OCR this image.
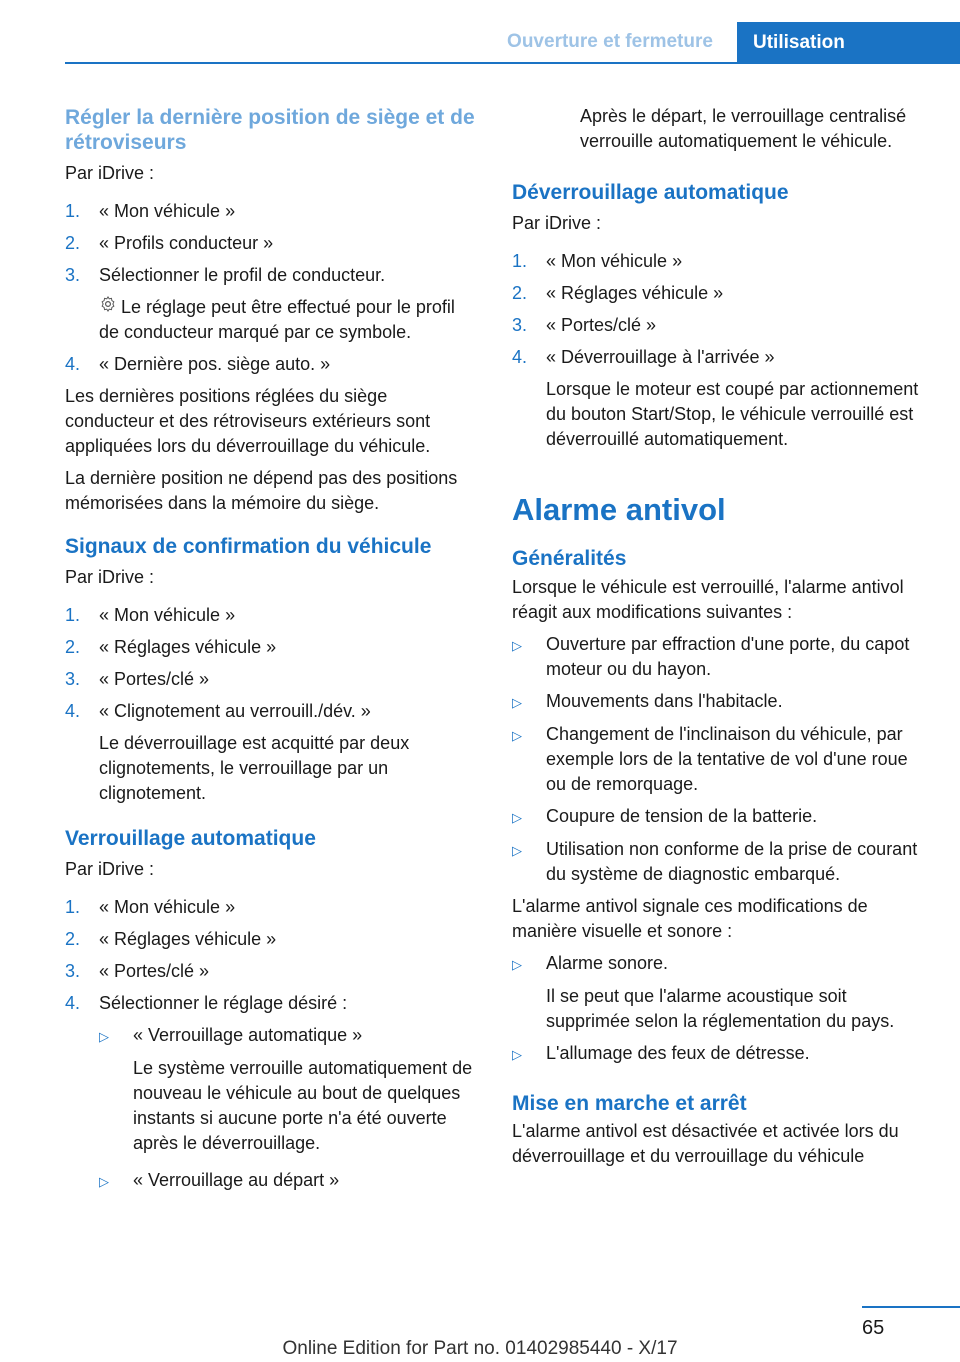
Ouverture et fermeture	Utilisation
Régler la dernière position de siège et de rétroviseurs

Par iDrive :

1.	« Mon véhicule »
2.	« Profils conducteur »
3.	Sélectionner le profil de conducteur.
Le réglage peut être effectué pour le profil de conducteur marqué par ce symbole.
4.	« Dernière pos. siège auto. »

Les dernières positions réglées du siège conducteur et des rétroviseurs extérieurs sont appliquées lors du déverrouillage du véhicule.

La dernière position ne dépend pas des positions mémorisées dans la mémoire du siège.

Signaux de confirmation du véhicule

Par iDrive :

1.	« Mon véhicule »
2.	« Réglages véhicule »
3.	« Portes/clé »
4.	« Clignotement au verrouill./dév. »
Le déverrouillage est acquitté par deux clignotements, le verrouillage par un clignotement.
Verrouillage automatique

Par iDrive :

1.	« Mon véhicule »
2.	« Réglages véhicule »
3.	« Portes/clé »
4.	Sélectionner le réglage désiré :
▷	« Verrouillage automatique »
Le système verrouille automatiquement de nouveau le véhicule au bout de quelques instants si aucune porte n'a été ouverte après le déverrouillage.
▷	« Verrouillage au départ »
Après le départ, le verrouillage centralisé verrouille automatiquement le véhicule.
Déverrouillage automatique

Par iDrive :

1.	« Mon véhicule »
2.	« Réglages véhicule »
3.	« Portes/clé »
4.	« Déverrouillage à l'arrivée »
Lorsque le moteur est coupé par actionnement du bouton Start/Stop, le véhicule verrouillé est déverrouillé automatiquement.
Alarme antivol
Généralités

Lorsque le véhicule est verrouillé, l'alarme antivol réagit aux modifications suivantes :

▷	Ouverture par effraction d'une porte, du capot moteur ou du hayon.
▷	Mouvements dans l'habitacle.
▷	Changement de l'inclinaison du véhicule, par exemple lors de la tentative de vol d'une roue ou de remorquage.
▷	Coupure de tension de la batterie.
▷	Utilisation non conforme de la prise de courant du système de diagnostic embarqué.

L'alarme antivol signale ces modifications de manière visuelle et sonore :

▷	Alarme sonore.
Il se peut que l'alarme acoustique soit supprimée selon la réglementation du pays.
▷	L'allumage des feux de détresse.
Mise en marche et arrêt

L'alarme antivol est désactivée et activée lors du déverrouillage et du verrouillage du véhicule

65
Online Edition for Part no. 01402985440 - X/17
